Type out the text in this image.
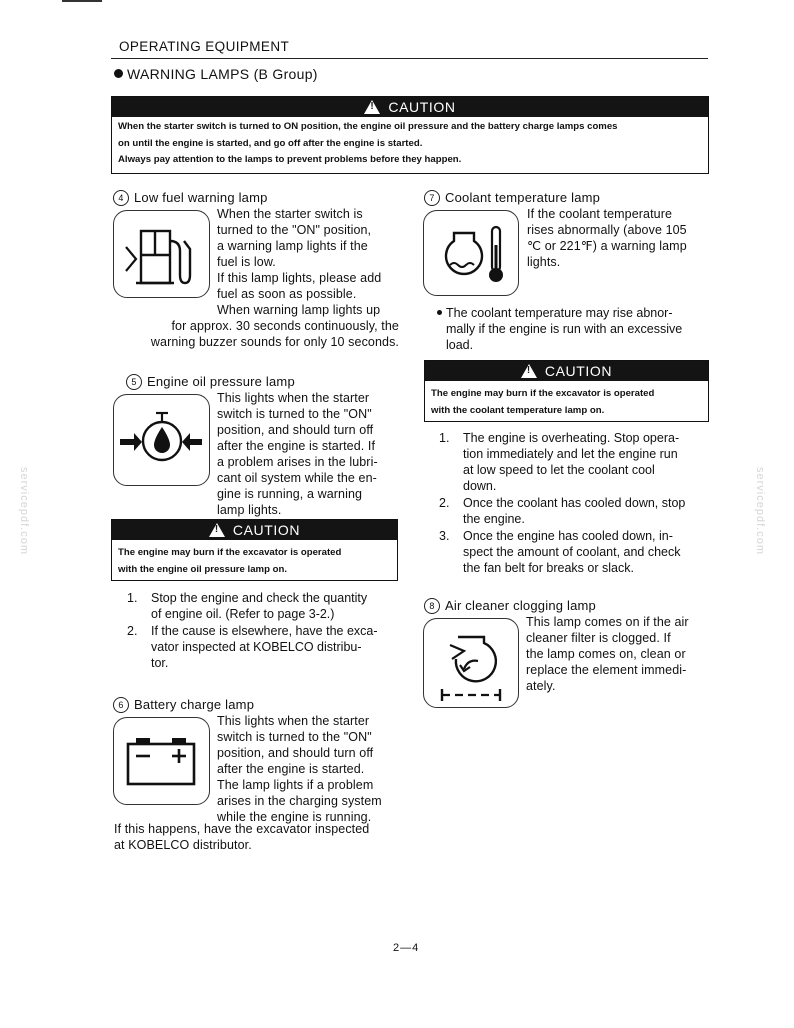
OPERATING EQUIPMENT
WARNING LAMPS (B Group)
!CAUTION
When the starter switch is turned to ON position, the engine oil pressure and the battery charge lamps comes
on until the engine is started, and go off after the engine is started.
Always pay attention to the lamps to prevent problems before they happen.
4 Low fuel warning lamp
When the starter switch is
turned to the "ON" position,
a warning lamp lights if the
fuel is low.
If this lamp lights, please add
fuel as soon as possible.
When warning lamp lights up
for approx. 30 seconds continuously, the
warning buzzer sounds for only 10 seconds.
5 Engine oil pressure lamp
This lights when the starter
switch is turned to the "ON"
position, and should turn off
after the engine is started. If
a problem arises in the lubri-
cant oil system while the en-
gine is running, a warning
lamp lights.
!CAUTION
The engine may burn if the excavator is operated
with the engine oil pressure lamp on.
1.	Stop the engine and check the quantity
of engine oil. (Refer to page 3-2.)
2.	If the cause is elsewhere, have the exca-
vator inspected at KOBELCO distribu-
tor.
6 Battery charge lamp
This lights when the starter
switch is turned to the "ON"
position, and should turn off
after the engine is started.
The lamp lights if a problem
arises in the charging system
while the engine is running.
If this happens, have the excavator inspected
at KOBELCO distributor.
7 Coolant temperature lamp
If the coolant temperature
rises abnormally (above 105
℃ or 221℉) a warning lamp
lights.
The coolant temperature may rise abnor-
mally if the engine is run with an excessive
load.
!CAUTION
The engine may burn if the excavator is operated
with the coolant temperature lamp on.
1.	The engine is overheating. Stop opera-
tion immediately and let the engine run
at low speed to let the coolant cool
down.
2.	Once the coolant has cooled down, stop
the engine.
3.	Once the engine has cooled down, in-
spect the amount of coolant, and check
the fan belt for breaks or slack.
8 Air cleaner clogging lamp
This lamp comes on if the air
cleaner filter is clogged. If
the lamp comes on, clean or
replace the element immedi-
ately.
servicepdf.com	servicepdf.com
2—4
